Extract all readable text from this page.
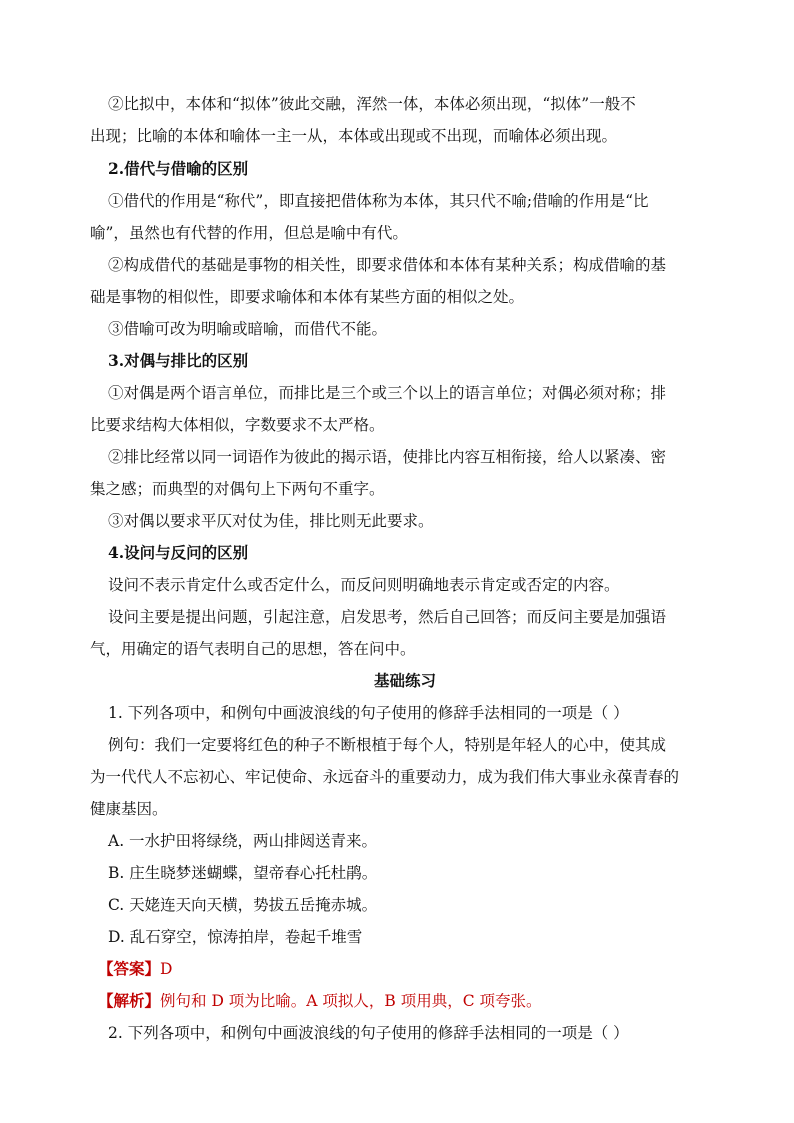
②比拟中，本体和“拟体”彼此交融，浑然一体，本体必须出现，“拟体”一般不
出现；比喻的本体和喻体一主一从，本体或出现或不出现，而喻体必须出现。
2.借代与借喻的区别
①借代的作用是“称代”，即直接把借体称为本体，其只代不喻;借喻的作用是“比
喻”，虽然也有代替的作用，但总是喻中有代。
②构成借代的基础是事物的相关性，即要求借体和本体有某种关系；构成借喻的基
础是事物的相似性，即要求喻体和本体有某些方面的相似之处。
③借喻可改为明喻或暗喻，而借代不能。
3.对偶与排比的区别
①对偶是两个语言单位，而排比是三个或三个以上的语言单位；对偶必须对称；排
比要求结构大体相似，字数要求不太严格。
②排比经常以同一词语作为彼此的揭示语，使排比内容互相衔接，给人以紧凑、密
集之感；而典型的对偶句上下两句不重字。
③对偶以要求平仄对仗为佳，排比则无此要求。
4.设问与反问的区别
设问不表示肯定什么或否定什么，而反问则明确地表示肯定或否定的内容。
设问主要是提出问题，引起注意，启发思考，然后自己回答；而反问主要是加强语
气，用确定的语气表明自己的思想，答在问中。
基础练习
1. 下列各项中，和例句中画波浪线的句子使用的修辞手法相同的一项是（ ）
例句：我们一定要将红色的种子不断根植于每个人，特别是年轻人的心中，使其成
为一代代人不忘初心、牢记使命、永远奋斗的重要动力，成为我们伟大事业永葆青春的
健康基因。
A. 一水护田将绿绕，两山排闼送青来。
B. 庄生晓梦迷蝴蝶，望帝春心托杜鹃。
C. 天姥连天向天横，势拔五岳掩赤城。
D. 乱石穿空，惊涛拍岸，卷起千堆雪
【答案】D
【解析】例句和 D 项为比喻。A 项拟人，B 项用典，C 项夸张。
2. 下列各项中，和例句中画波浪线的句子使用的修辞手法相同的一项是（ ）
